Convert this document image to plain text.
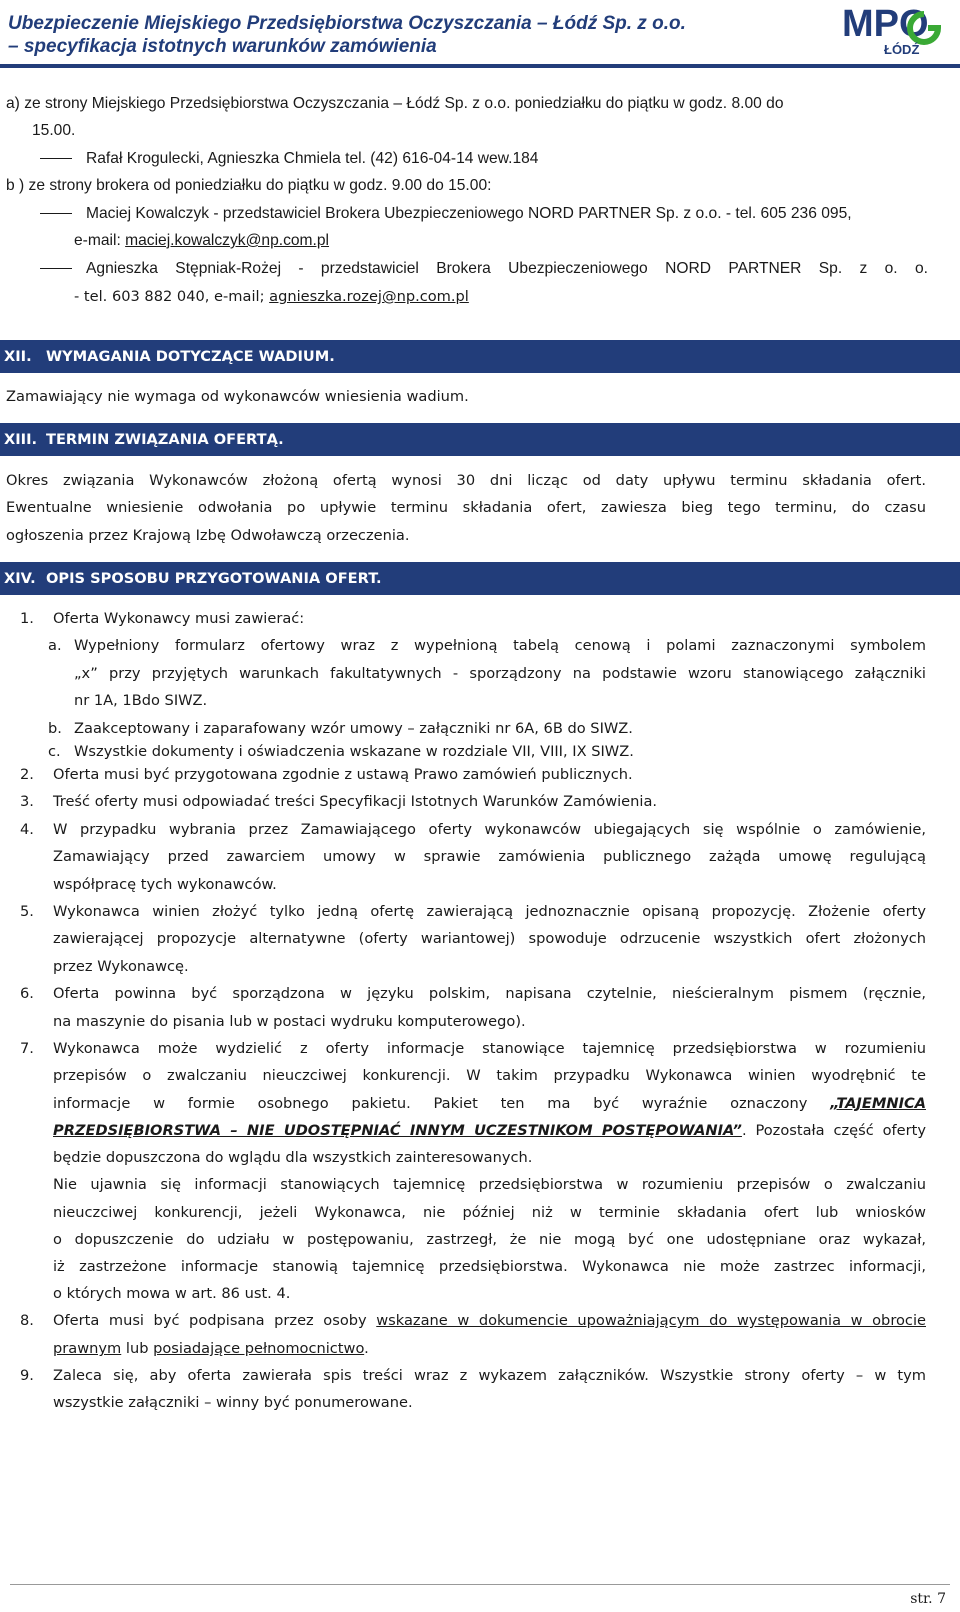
Ubezpieczenie Miejskiego Przedsiębiorstwa Oczyszczania – Łódź Sp. z o.o.
– specyfikacja istotnych warunków zamówienia
MPO
ŁÓDŹ
a) ze strony Miejskiego Przedsiębiorstwa Oczyszczania – Łódź Sp. z o.o. poniedziałku do piątku w godz. 8.00 do
15.00.
Rafał Krogulecki, Agnieszka Chmiela tel. (42) 616-04-14 wew.184
b ) ze strony brokera od poniedziałku do piątku w godz. 9.00 do 15.00:
Maciej Kowalczyk - przedstawiciel Brokera Ubezpieczeniowego NORD PARTNER Sp. z o.o. - tel. 605 236 095,
e-mail: maciej.kowalczyk@np.com.pl
Agnieszka Stępniak-Rożej - przedstawiciel Brokera Ubezpieczeniowego NORD PARTNER Sp. z o. o.
- tel. 603 882 040, e-mail; agnieszka.rozej@np.com.pl
XII. WYMAGANIA DOTYCZĄCE WADIUM.
Zamawiający nie wymaga od wykonawców wniesienia wadium.
XIII. TERMIN ZWIĄZANIA OFERTĄ.
Okres związania Wykonawców złożoną ofertą wynosi 30 dni licząc od daty upływu terminu składania ofert.
Ewentualne wniesienie odwołania po upływie terminu składania ofert, zawiesza bieg tego terminu, do czasu
ogłoszenia przez Krajową Izbę Odwoławczą orzeczenia.
XIV. OPIS SPOSOBU PRZYGOTOWANIA OFERT.
1. Oferta Wykonawcy musi zawierać:
a. Wypełniony formularz ofertowy wraz z wypełnioną tabelą cenową i polami zaznaczonymi symbolem
„x” przy przyjętych warunkach fakultatywnych - sporządzony na podstawie wzoru stanowiącego załączniki
nr 1A, 1Bdo SIWZ.
b. Zaakceptowany i zaparafowany wzór umowy – załączniki nr 6A, 6B do SIWZ.
c. Wszystkie dokumenty i oświadczenia wskazane w rozdziale VII, VIII, IX SIWZ.
2. Oferta musi być przygotowana zgodnie z ustawą Prawo zamówień publicznych.
3. Treść oferty musi odpowiadać treści Specyfikacji Istotnych Warunków Zamówienia.
4. W przypadku wybrania przez Zamawiającego oferty wykonawców ubiegających się wspólnie o zamówienie,
Zamawiający przed zawarciem umowy w sprawie zamówienia publicznego zażąda umowę regulującą
współpracę tych wykonawców.
5. Wykonawca winien złożyć tylko jedną ofertę zawierającą jednoznacznie opisaną propozycję. Złożenie oferty
zawierającej propozycje alternatywne (oferty wariantowej) spowoduje odrzucenie wszystkich ofert złożonych
przez Wykonawcę.
6. Oferta powinna być sporządzona w języku polskim, napisana czytelnie, nieścieralnym pismem (ręcznie,
na maszynie do pisania lub w postaci wydruku komputerowego).
7. Wykonawca może wydzielić z oferty informacje stanowiące tajemnicę przedsiębiorstwa w rozumieniu
przepisów o zwalczaniu nieuczciwej konkurencji. W takim przypadku Wykonawca winien wyodrębnić te
informacje w formie osobnego pakietu. Pakiet ten ma być wyraźnie oznaczony „TAJEMNICA
PRZEDSIĘBIORSTWA – NIE UDOSTĘPNIAĆ INNYM UCZESTNIKOM POSTĘPOWANIA”. Pozostała część oferty
będzie dopuszczona do wglądu dla wszystkich zainteresowanych.
Nie ujawnia się informacji stanowiących tajemnicę przedsiębiorstwa w rozumieniu przepisów o zwalczaniu
nieuczciwej konkurencji, jeżeli Wykonawca, nie później niż w terminie składania ofert lub wniosków
o dopuszczenie do udziału w postępowaniu, zastrzegł, że nie mogą być one udostępniane oraz wykazał,
iż zastrzeżone informacje stanowią tajemnicę przedsiębiorstwa. Wykonawca nie może zastrzec informacji,
o których mowa w art. 86 ust. 4.
8. Oferta musi być podpisana przez osoby wskazane w dokumencie upoważniającym do występowania w obrocie
prawnym lub posiadające pełnomocnictwo.
9. Zaleca się, aby oferta zawierała spis treści wraz z wykazem załączników. Wszystkie strony oferty – w tym
wszystkie załączniki – winny być ponumerowane.
str. 7
